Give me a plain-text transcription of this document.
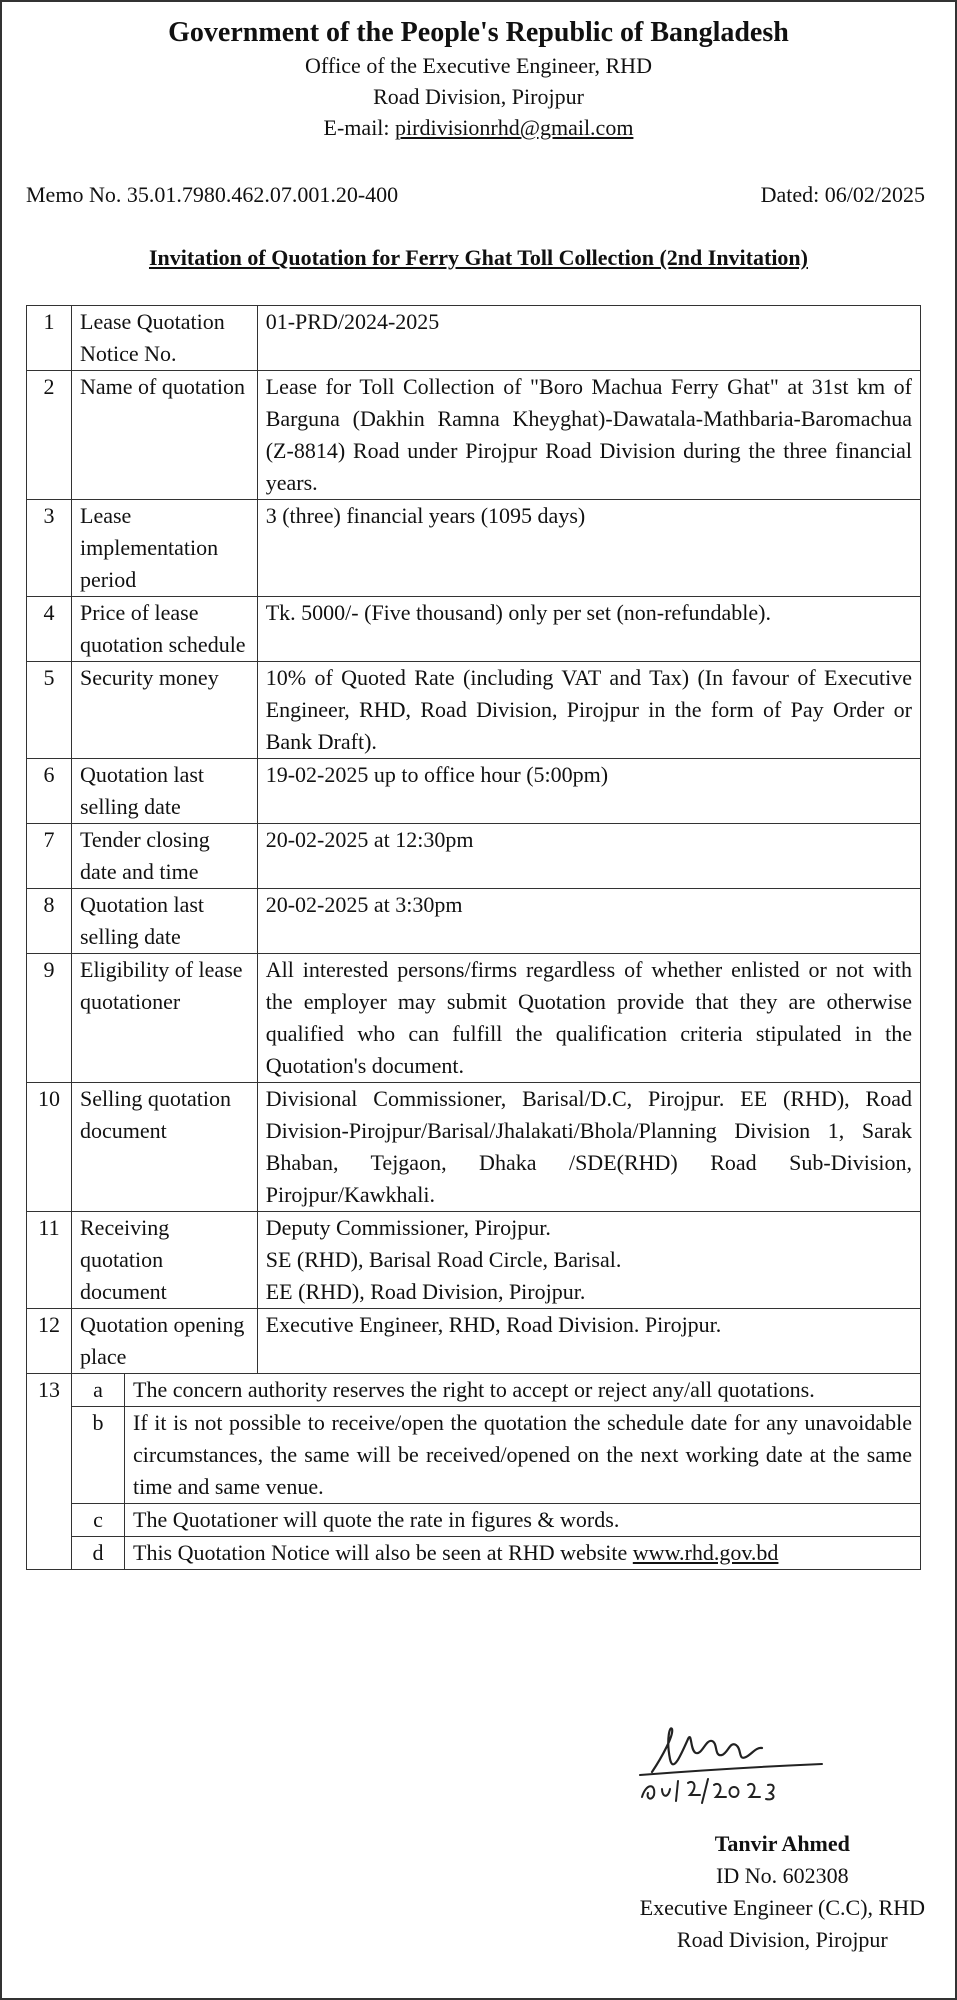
Government of the People's Republic of Bangladesh
Office of the Executive Engineer, RHD
Road Division, Pirojpur
E-mail: pirdivisionrhd@gmail.com
Memo No. 35.01.7980.462.07.001.20-400	Dated: 06/02/2025
Invitation of Quotation for Ferry Ghat Toll Collection (2nd Invitation)
1	Lease Quotation Notice No.		01-PRD/2024-2025
2	Name of quotation		Lease for Toll Collection of "Boro Machua Ferry Ghat" at 31st km of Barguna (Dakhin Ramna Kheyghat)-Dawatala-Mathbaria-Baromachua (Z-8814) Road under Pirojpur Road Division during the three financial years.
3	Lease implementation period		3 (three) financial years (1095 days)
4	Price of lease quotation schedule		Tk. 5000/- (Five thousand) only per set (non-refundable).
5	Security money		10% of Quoted Rate (including VAT and Tax) (In favour of Executive Engineer, RHD, Road Division, Pirojpur in the form of Pay Order or Bank Draft).
6	Quotation last selling date		19-02-2025 up to office hour (5:00pm)
7	Tender closing date and time		20-02-2025 at 12:30pm
8	Quotation last selling date		20-02-2025 at 3:30pm
9	Eligibility of lease quotationer		All interested persons/firms regardless of whether enlisted or not with the employer may submit Quotation provide that they are otherwise qualified who can fulfill the qualification criteria stipulated in the Quotation's document.
10	Selling quotation document		Divisional Commissioner, Barisal/D.C, Pirojpur. EE (RHD), Road Division-Pirojpur/Barisal/Jhalakati/Bhola/Planning Division 1, Sarak Bhaban, Tejgaon, Dhaka /SDE(RHD) Road Sub-Division, Pirojpur/Kawkhali.
11	Receiving quotation document		Deputy Commissioner, Pirojpur.
SE (RHD), Barisal Road Circle, Barisal.
EE (RHD), Road Division, Pirojpur.

12	Quotation opening place		Executive Engineer, RHD, Road Division. Pirojpur.
13	a	The concern authority reserves the right to accept or reject any/all quotations.	
	b	If it is not possible to receive/open the quotation the schedule date for any unavoidable circumstances, the same will be received/opened on the next working date at the same time and same venue.	
	c	The Quotationer will quote the rate in figures & words.	
	d	This Quotation Notice will also be seen at RHD website www.rhd.gov.bd	
Tanvir Ahmed
ID No. 602308
Executive Engineer (C.C), RHD
Road Division, Pirojpur
